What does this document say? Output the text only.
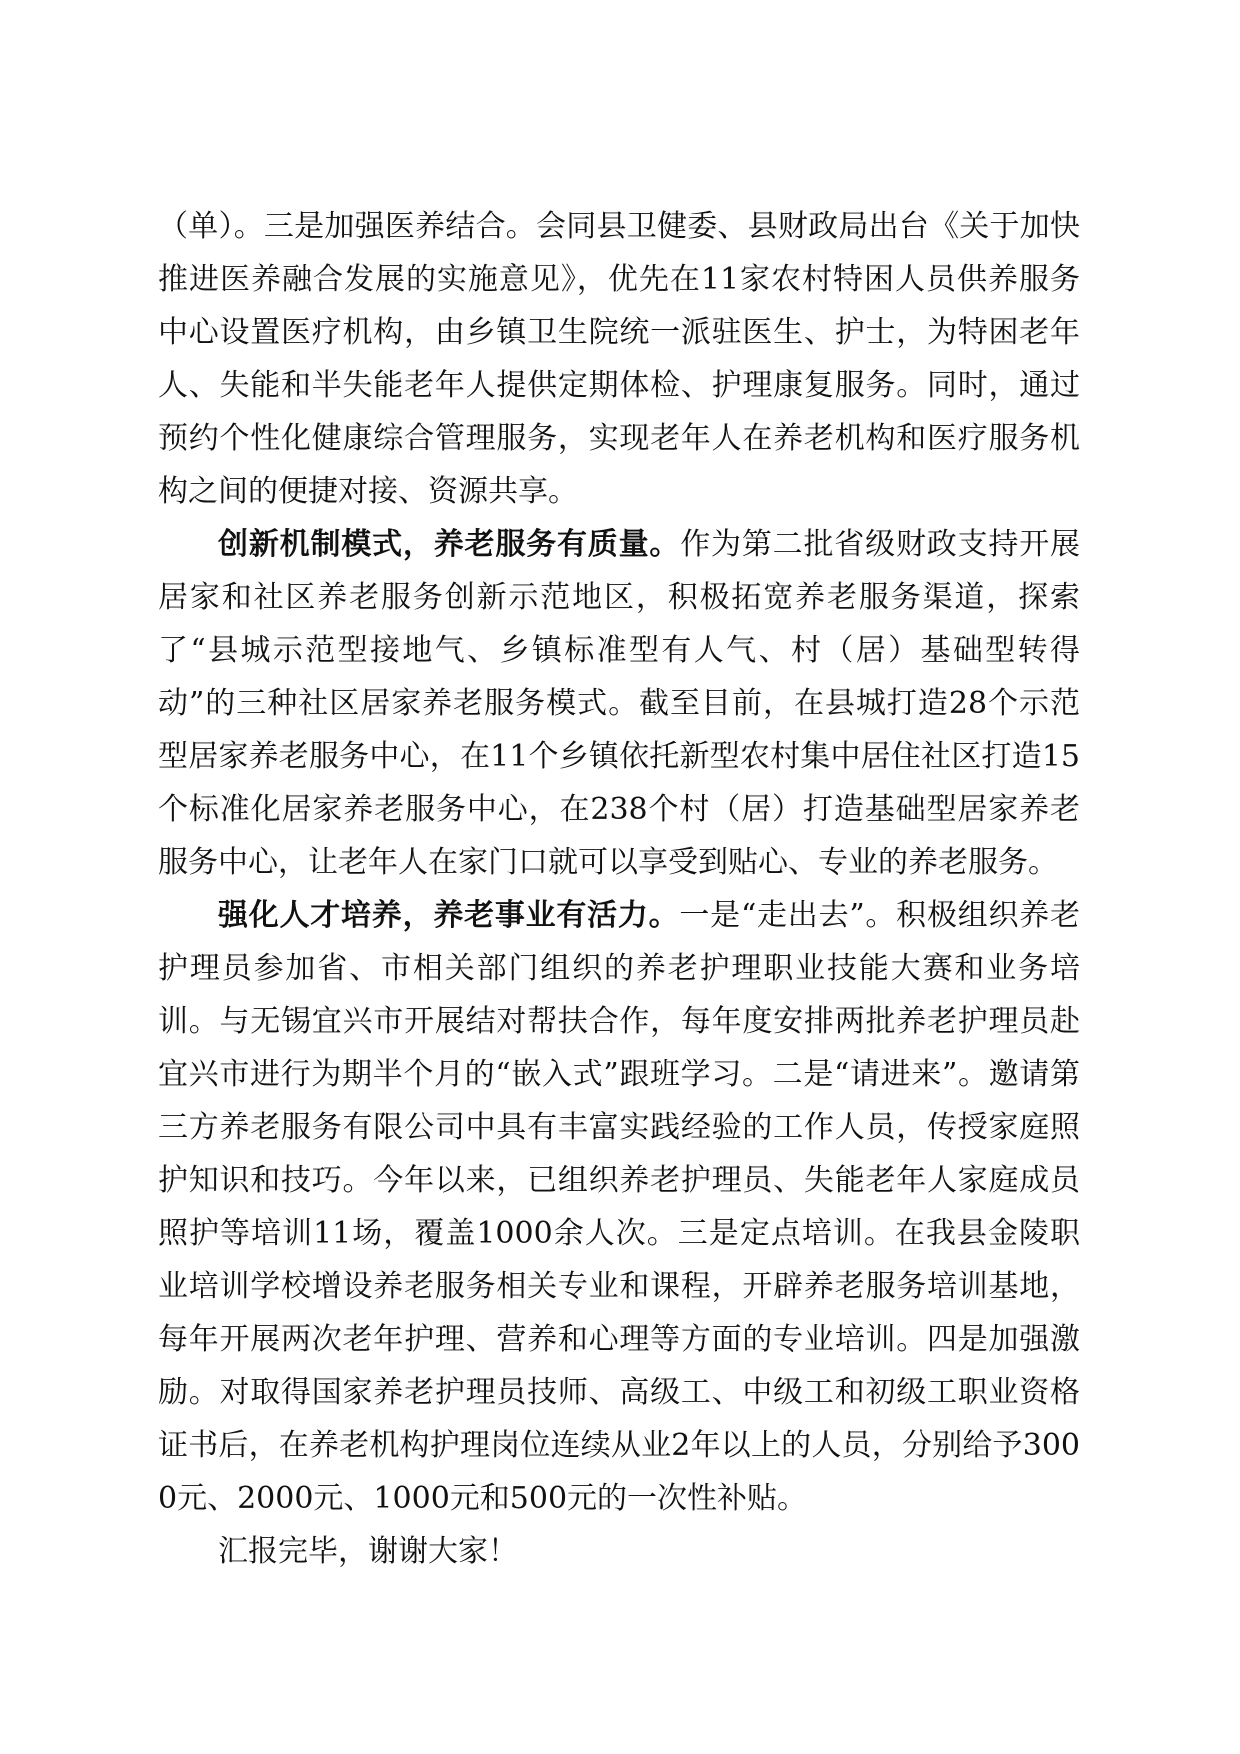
（单）。三是加强医养结合。会同县卫健委、县财政局出台《关于加快推进医养融合发展的实施意见》，优先在11家农村特困人员供养服务中心设置医疗机构，由乡镇卫生院统一派驻医生、护士，为特困老年人、失能和半失能老年人提供定期体检、护理康复服务。同时，通过预约个性化健康综合管理服务，实现老年人在养老机构和医疗服务机构之间的便捷对接、资源共享。

创新机制模式，养老服务有质量。作为第二批省级财政支持开展居家和社区养老服务创新示范地区，积极拓宽养老服务渠道，探索了“县城示范型接地气、乡镇标准型有人气、村（居）基础型转得动”的三种社区居家养老服务模式。截至目前，在县城打造28个示范型居家养老服务中心，在11个乡镇依托新型农村集中居住社区打造15个标准化居家养老服务中心，在238个村（居）打造基础型居家养老服务中心，让老年人在家门口就可以享受到贴心、专业的养老服务。

强化人才培养，养老事业有活力。一是“走出去”。积极组织养老护理员参加省、市相关部门组织的养老护理职业技能大赛和业务培训。与无锡宜兴市开展结对帮扶合作，每年度安排两批养老护理员赴宜兴市进行为期半个月的“嵌入式”跟班学习。二是“请进来”。邀请第三方养老服务有限公司中具有丰富实践经验的工作人员，传授家庭照护知识和技巧。今年以来，已组织养老护理员、失能老年人家庭成员照护等培训11场，覆盖1000余人次。三是定点培训。在我县金陵职业培训学校增设养老服务相关专业和课程，开辟养老服务培训基地，每年开展两次老年护理、营养和心理等方面的专业培训。四是加强激励。对取得国家养老护理员技师、高级工、中级工和初级工职业资格证书后，在养老机构护理岗位连续从业2年以上的人员，分别给予3000元、2000元、1000元和500元的一次性补贴。

汇报完毕，谢谢大家！
